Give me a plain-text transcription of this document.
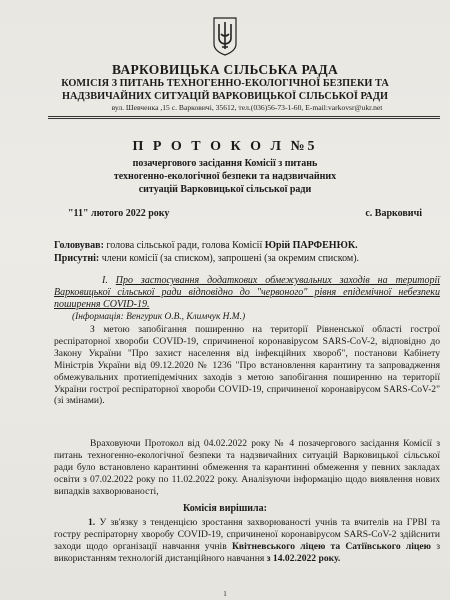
ВАРКОВИЦЬКА СІЛЬСЬКА РАДА
КОМІСІЯ З ПИТАНЬ ТЕХНОГЕННО-ЕКОЛОГІЧНОЇ БЕЗПЕКИ ТА
НАДЗВИЧАЙНИХ СИТУАЦІЙ ВАРКОВИЦЬКОЇ СІЛЬСЬКОЇ РАДИ
вул. Шевченка ,15 с. Варковичі, 35612, тел.(036)56-73-1-60, E-mail:varkovsr@ukr.net
П Р О Т О К О Л №5
позачергового засідання Комісії з питань
техногенно-екологічної безпеки та надзвичайних
ситуацій Варковицької сільської ради
"11" лютого 2022 року	с. Варковичі
Головував: голова сільської ради, голова Комісії Юрій ПАРФЕНЮК.
Присутні: члени комісії (за списком), запрошені (за окремим списком).
I. Про застосування додаткових обмежувальних заходів на території Варковицької сільської ради відповідно до "червоного" рівня епідемічної небезпеки поширення COVID-19.
(Інформація: Венгурик О.В., Климчук Н.М.)
З метою запобігання поширенню на території Рівненської області гострої респіраторної хвороби COVID-19, спричиненої коронавірусом SARS-CoV-2, відповідно до Закону України "Про захист населення від інфекційних хвороб", постанови Кабінету Міністрів України від 09.12.2020 № 1236 "Про встановлення карантину та запровадження обмежувальних протиепідемічних заходів з метою запобігання поширенню на території України гострої респіраторної хвороби COVID-19, спричиненої коронавірусом SARS-CoV-2" (зі змінами).
Враховуючи Протокол від 04.02.2022 року № 4 позачергового засідання Комісії з питань техногенно-екологічної безпеки та надзвичайних ситуацій Варковицької сільської ради було встановлено карантинні обмеження та карантинні обмеження у певних закладах освіти з 07.02.2022 року по 11.02.2022 року. Аналізуючи інформацію щодо виявлення нових випадків захворюваності,
Комісія вирішила:
1. У зв'язку з тенденцією зростання захворюваності учнів та вчителів на ГРВІ та гостру респіраторну хворобу COVID-19, спричиненої коронавірусом SARS-CoV-2 здійснити заходи щодо організації навчання учнів Квітневського ліцею та Сатіївського ліцею з використанням технологій дистанційного навчання з 14.02.2022 року.
1
